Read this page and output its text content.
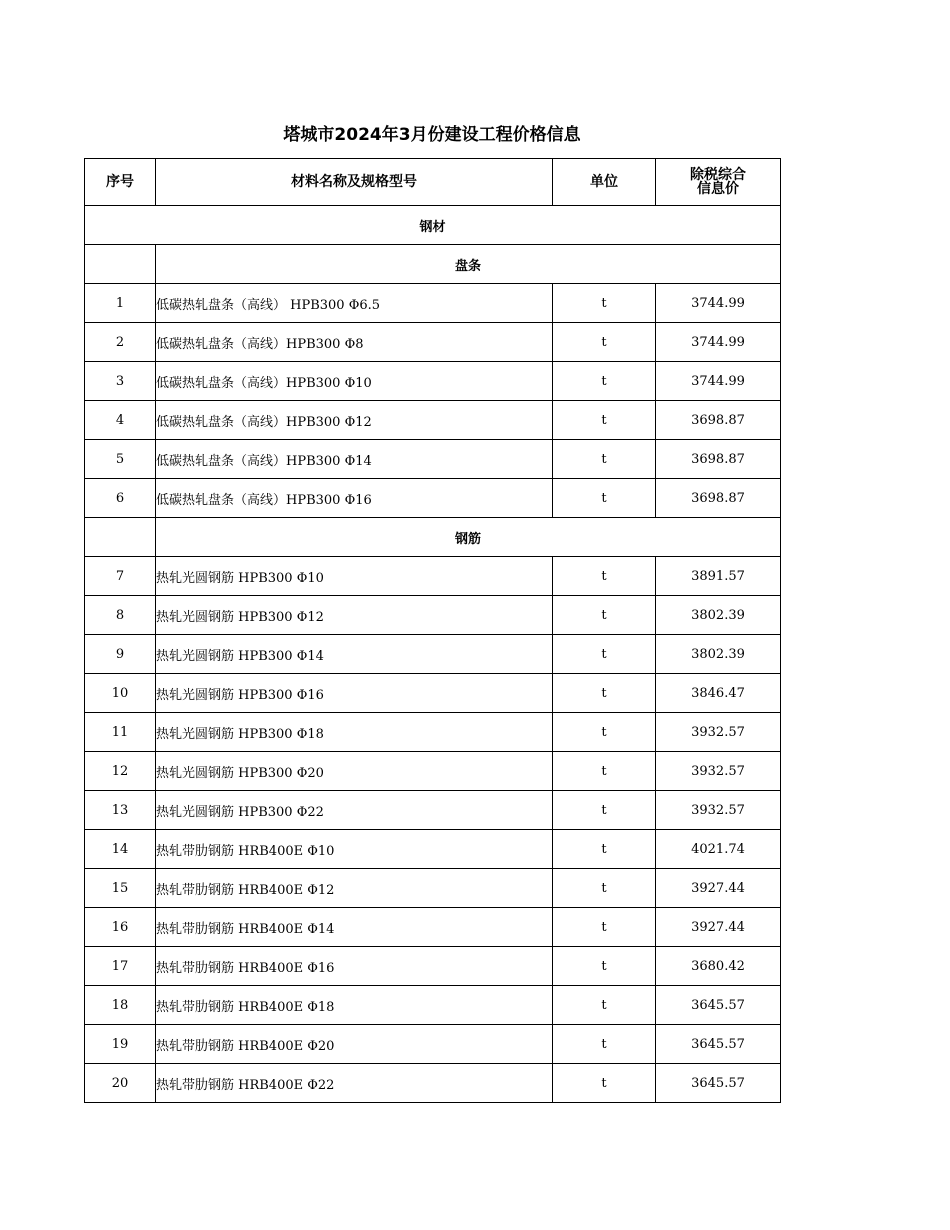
塔城市2024年3月份建设工程价格信息
序号	材料名称及规格型号	单位	除税综合
信息价

钢材			
	盘条		
1	低碳热轧盘条（高线） HPB300 Φ6.5	t	3744.99
2	低碳热轧盘条（高线）HPB300 Φ8	t	3744.99
3	低碳热轧盘条（高线）HPB300 Φ10	t	3744.99
4	低碳热轧盘条（高线）HPB300 Φ12	t	3698.87
5	低碳热轧盘条（高线）HPB300 Φ14	t	3698.87
6	低碳热轧盘条（高线）HPB300 Φ16	t	3698.87
	钢筋		
7	热轧光圆钢筋 HPB300 Φ10	t	3891.57
8	热轧光圆钢筋 HPB300 Φ12	t	3802.39
9	热轧光圆钢筋 HPB300 Φ14	t	3802.39
10	热轧光圆钢筋 HPB300 Φ16	t	3846.47
11	热轧光圆钢筋 HPB300 Φ18	t	3932.57
12	热轧光圆钢筋 HPB300 Φ20	t	3932.57
13	热轧光圆钢筋 HPB300 Φ22	t	3932.57
14	热轧带肋钢筋 HRB400E Φ10	t	4021.74
15	热轧带肋钢筋 HRB400E Φ12	t	3927.44
16	热轧带肋钢筋 HRB400E Φ14	t	3927.44
17	热轧带肋钢筋 HRB400E Φ16	t	3680.42
18	热轧带肋钢筋 HRB400E Φ18	t	3645.57
19	热轧带肋钢筋 HRB400E Φ20	t	3645.57
20	热轧带肋钢筋 HRB400E Φ22	t	3645.57
